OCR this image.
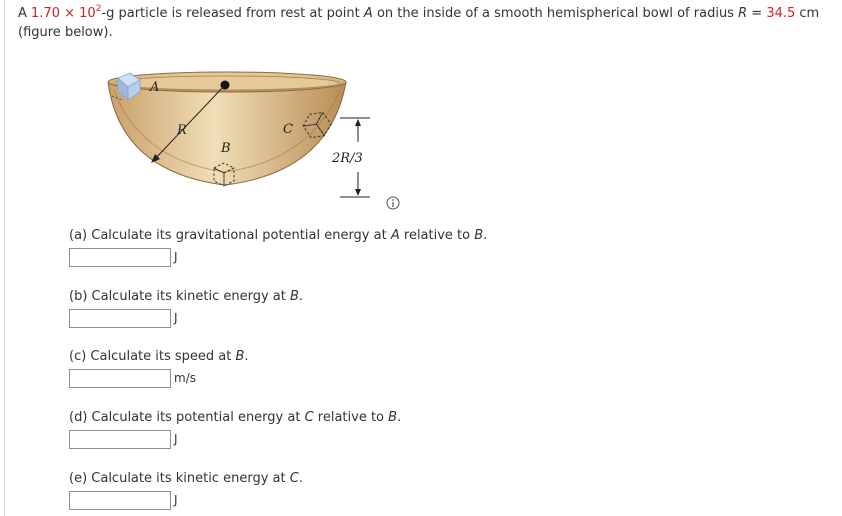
A $1.70 \times 10^2-g$ particle is released from rest at point A on the inside of a smooth hemispherical bowl of radius R = 34.5 cm
(figure below).
A
R
B
C
2R/3
(a) Calculate its gravitational potential energy at A relative to B.
J
(b) Calculate its kinetic energy at B.
J
(c) Calculate its speed at B.
m/s
(d) Calculate its potential energy at C relative to B.
J
(e) Calculate its kinetic energy at C.
J
